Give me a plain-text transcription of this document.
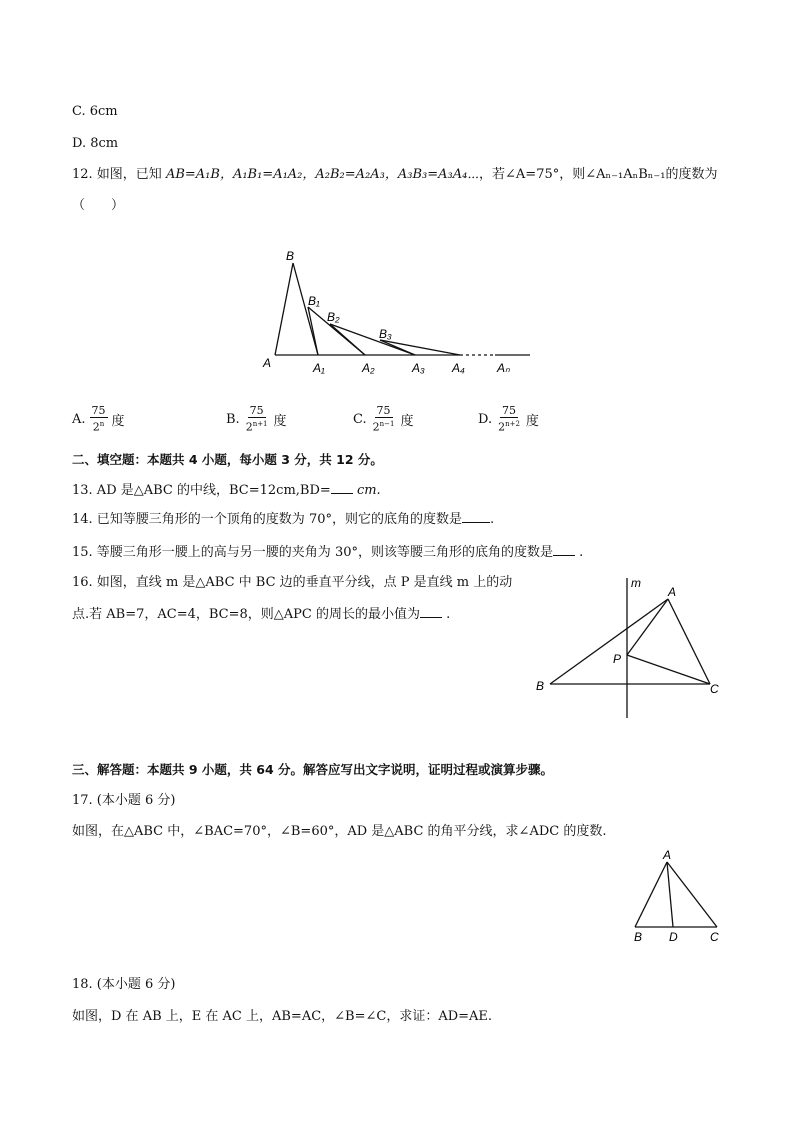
C. 6cm
D. 8cm
12. 如图，已知 AB=A₁B，A₁B₁=A₁A₂，A₂B₂=A₂A₃，A₃B₃=A₃A₄⋯，若∠A=75°，则∠Aₙ₋₁AₙBₙ₋₁的度数为
（　　）
B
B₁
B₂
B₃
A	A₁	A₂	A₃ A₄	Aₙ
A. $\frac{75}{2^n}$ 度	B. $\frac{75}{2^{n+1}}$ 度	C. $\frac{75}{2^{n-1}}$ 度	D. $\frac{75}{2^{n+2}}$ 度
二、填空题：本题共 4 小题，每小题 3 分，共 12 分。
13. AD 是△ABC 的中线，BC=12cm,BD= cm.
14. 已知等腰三角形的一个顶角的度数为 70°，则它的底角的度数是 .
15. 等腰三角形一腰上的高与另一腰的夹角为 30°，则该等腰三角形的底角的度数是 .
16. 如图，直线 m 是△ABC 中 BC 边的垂直平分线，点 P 是直线 m 上的动
点.若 AB=7，AC=4，BC=8，则△APC 的周长的最小值为 .
m
A
P
B	C
三、解答题：本题共 9 小题，共 64 分。解答应写出文字说明，证明过程或演算步骤。
17. (本小题 6 分)
如图，在△ABC 中，∠BAC=70°，∠B=60°，AD 是△ABC 的角平分线，求∠ADC 的度数.
A
B D	C
18. (本小题 6 分)
如图，D 在 AB 上，E 在 AC 上，AB=AC，∠B=∠C，求证：AD=AE.
